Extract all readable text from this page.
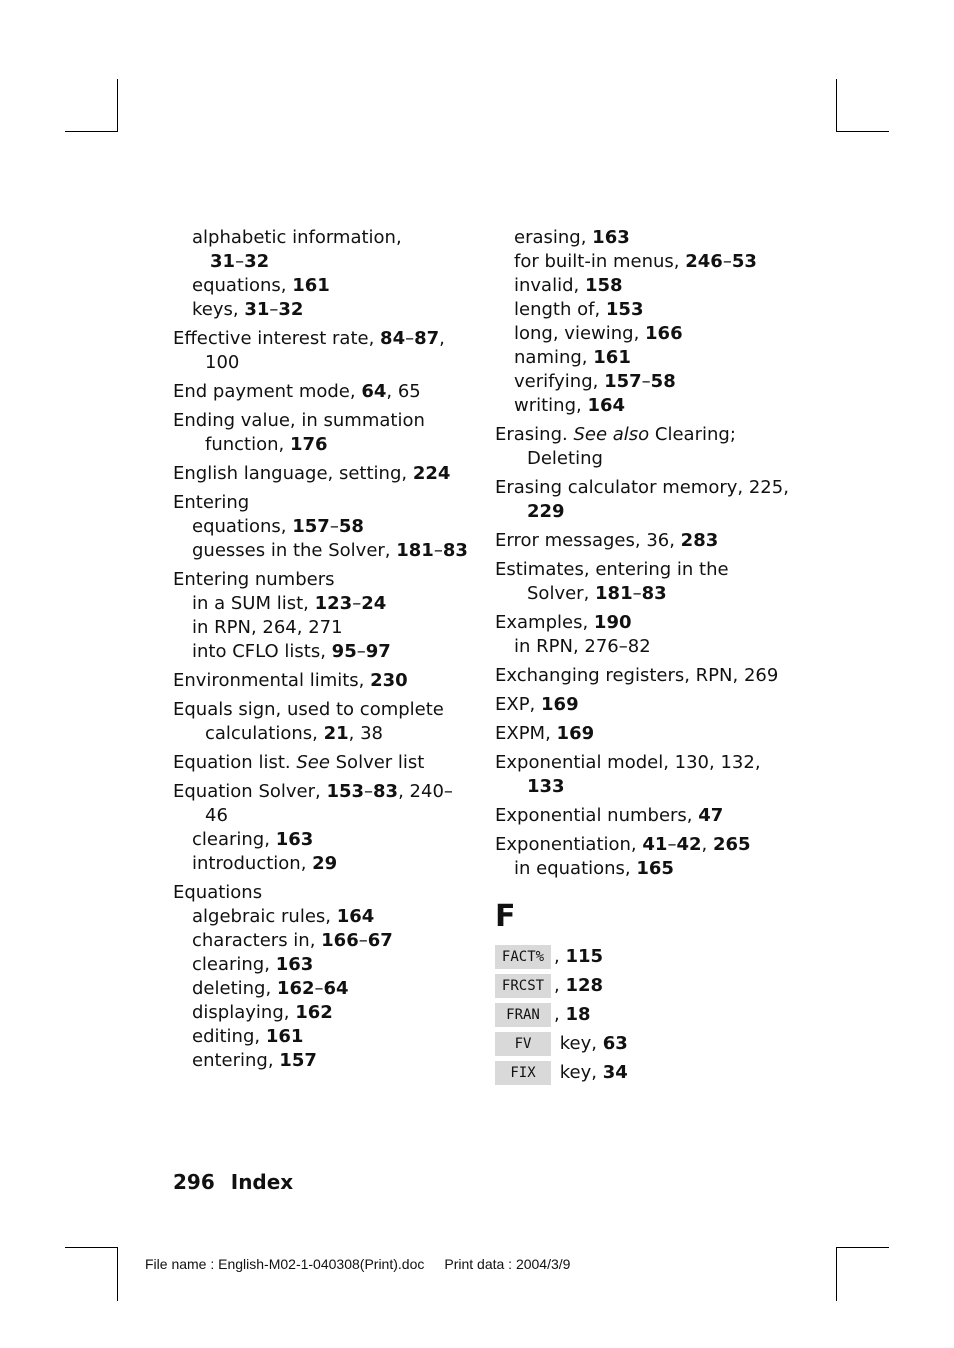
alphabetic information,
31–32
equations, 161
keys, 31–32
Effective interest rate, 84–87, 100
End payment mode, 64, 65
Ending value, in summation function, 176
English language, setting, 224
Entering
equations, 157–58
guesses in the Solver, 181–83
Entering numbers
in a SUM list, 123–24
in RPN, 264, 271
into CFLO lists, 95–97
Environmental limits, 230
Equals sign, used to complete calculations, 21, 38
Equation list. See Solver list
Equation Solver, 153–83, 240–46
clearing, 163
introduction, 29
Equations
algebraic rules, 164
characters in, 166–67
clearing, 163
deleting, 162–64
displaying, 162
editing, 161
entering, 157
erasing, 163
for built-in menus, 246–53
invalid, 158
length of, 153
long, viewing, 166
naming, 161
verifying, 157–58
writing, 164
Erasing. See also Clearing; Deleting
Erasing calculator memory, 225, 229
Error messages, 36, 283
Estimates, entering in the Solver, 181–83
Examples, 190
in RPN, 276–82
Exchanging registers, RPN, 269
EXP, 169
EXPM, 169
Exponential model, 130, 132, 133
Exponential numbers, 47
Exponentiation, 41–42, 265
in equations, 165
F
FACT% , 115
FRCST , 128
FRAN , 18
FV key, 63
FIX key, 34
296 Index
File name : English-M02-1-040308(Print).doc Print data : 2004/3/9
